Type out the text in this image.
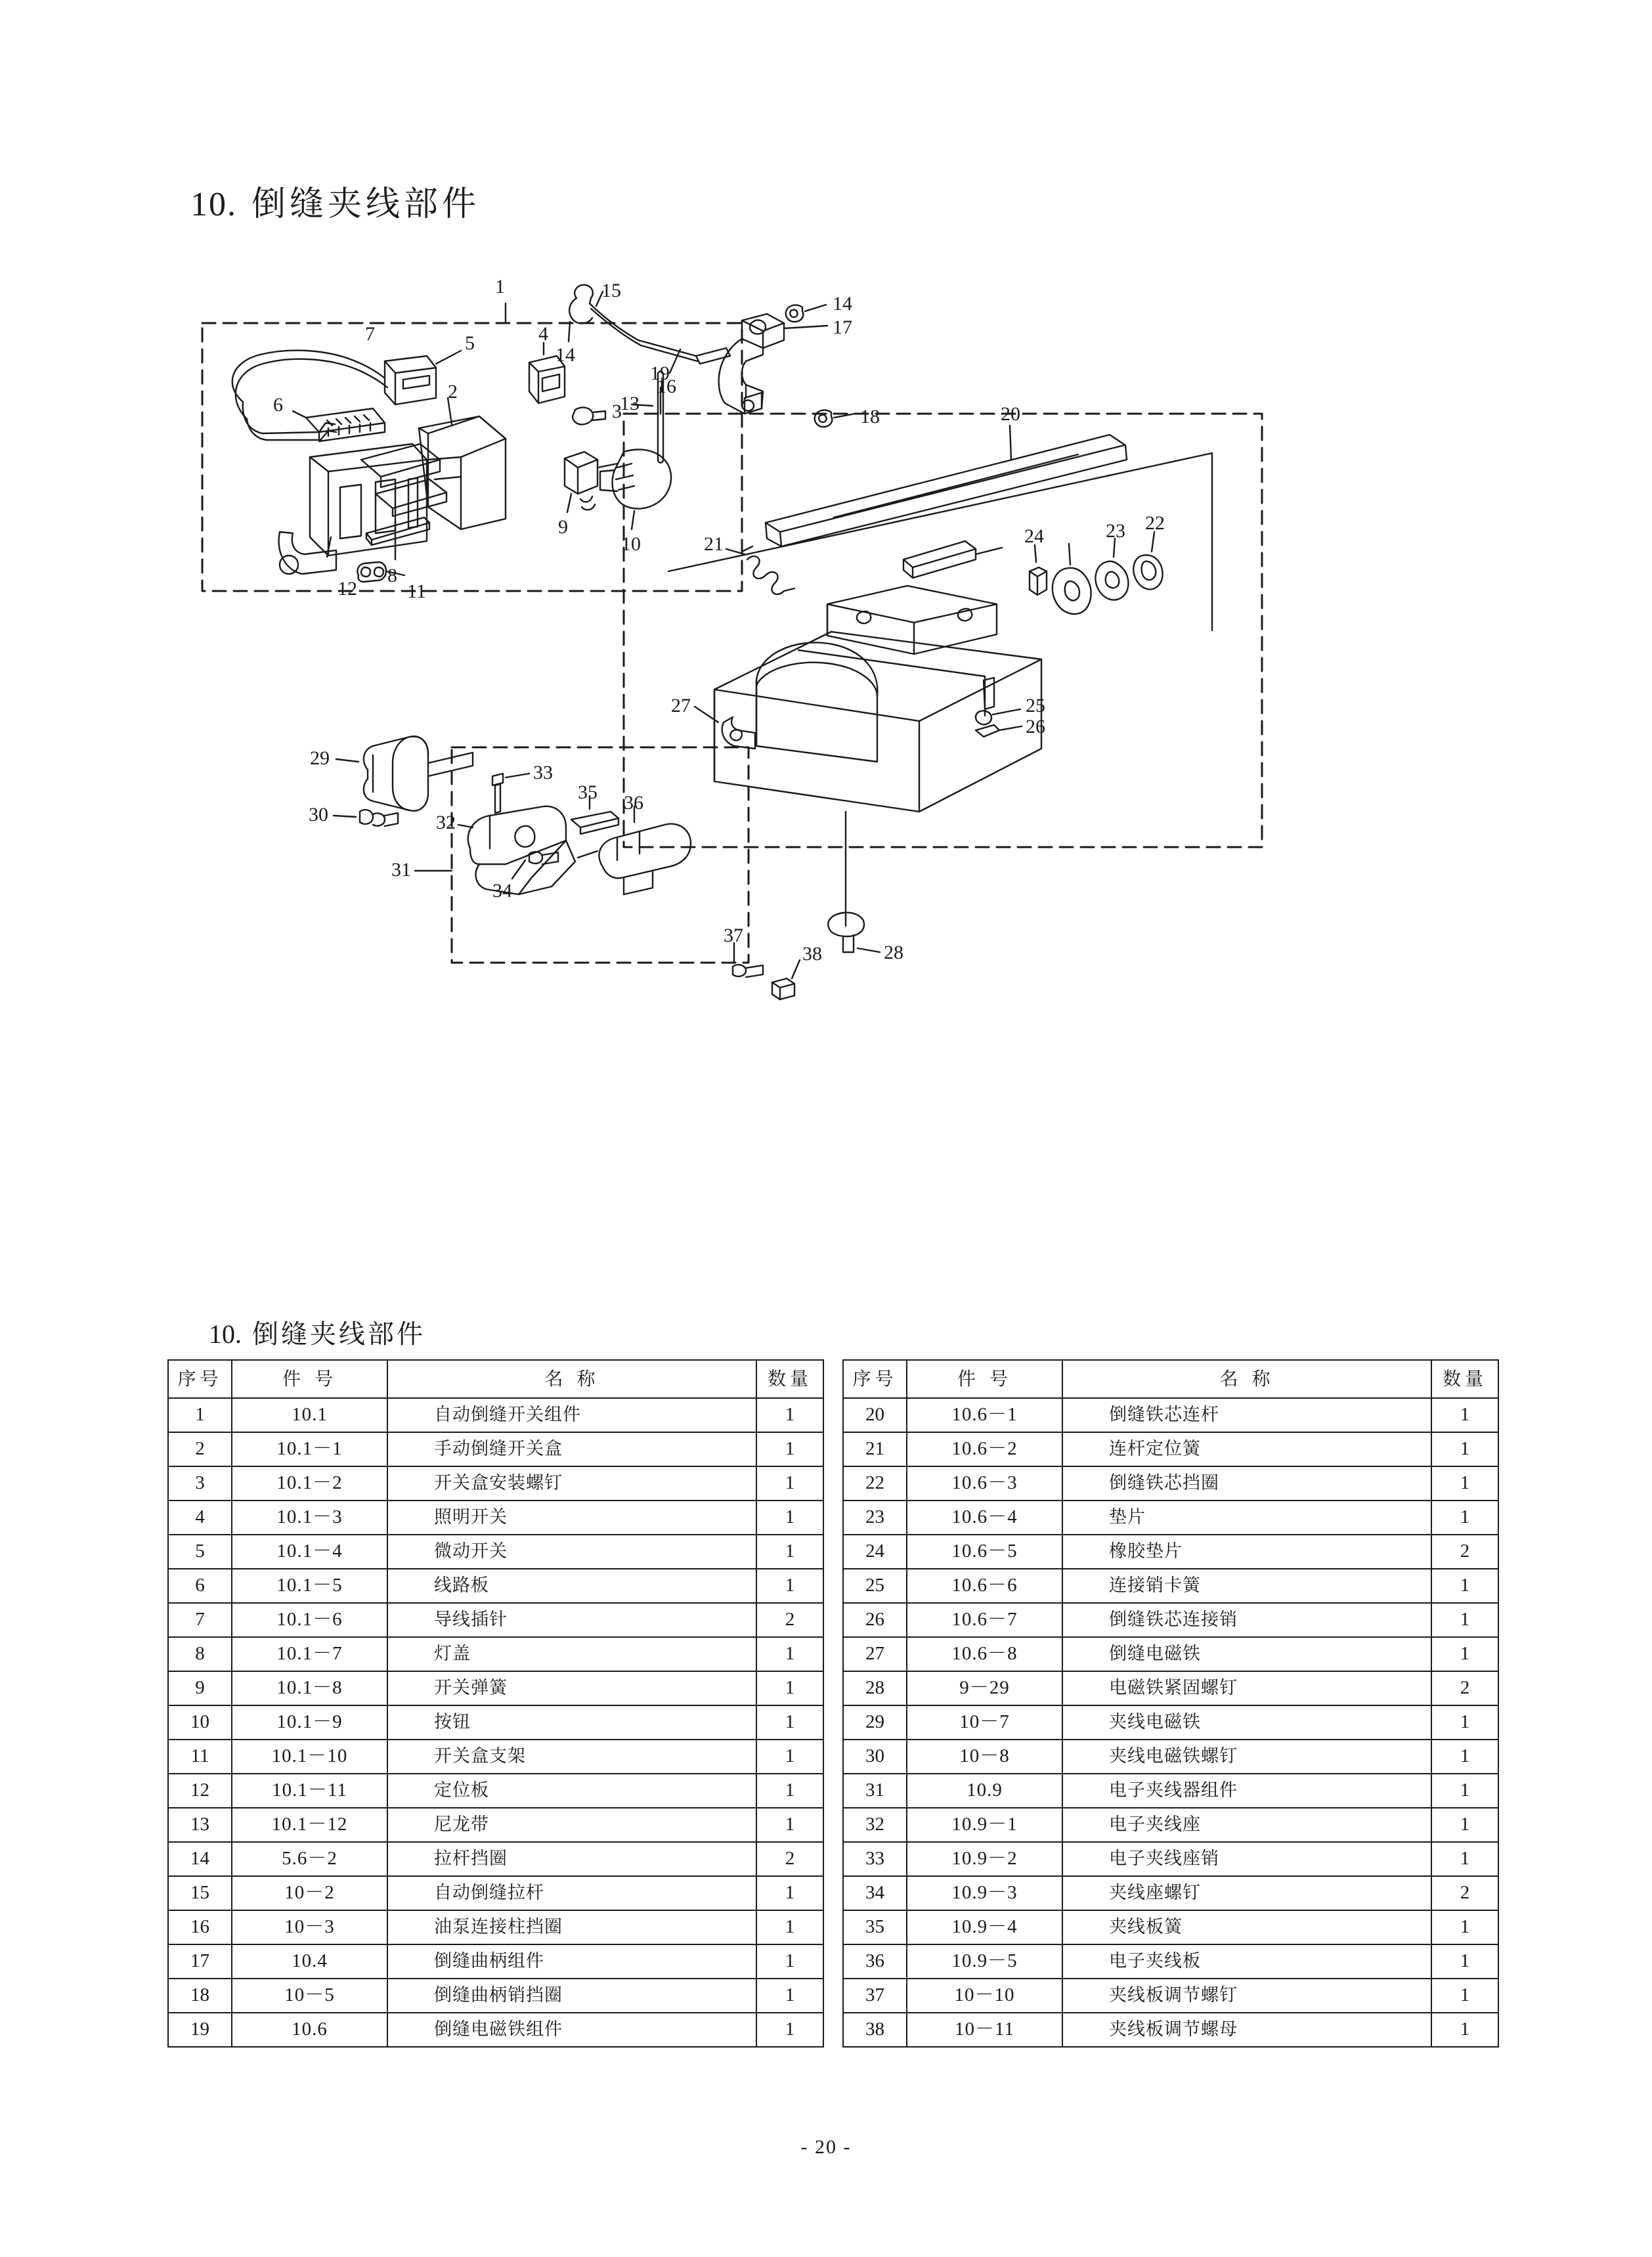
10. 倒缝夹线部件
1
2
3
4
5
6
7
8
9
10
11
12
13
14
14
15
16
17
18
19
20
21
22
23
24
25
26
27
28
29
30
31
32
33
34
35 36
37
38
10. 倒缝夹线部件
序号	件 号	名 称	数量
1	10.1	自动倒缝开关组件	1
2	10.1－1	手动倒缝开关盒	1
3	10.1－2	开关盒安装螺钉	1
4	10.1－3	照明开关	1
5	10.1－4	微动开关	1
6	10.1－5	线路板	1
7	10.1－6	导线插针	2
8	10.1－7	灯盖	1
9	10.1－8	开关弹簧	1
10	10.1－9	按钮	1
11	10.1－10	开关盒支架	1
12	10.1－11	定位板	1
13	10.1－12	尼龙带	1
14	5.6－2	拉杆挡圈	2
15	10－2	自动倒缝拉杆	1
16	10－3	油泵连接柱挡圈	1
17	10.4	倒缝曲柄组件	1
18	10－5	倒缝曲柄销挡圈	1
19	10.6	倒缝电磁铁组件	1
序号	件 号	名 称	数量
20	10.6－1	倒缝铁芯连杆	1
21	10.6－2	连杆定位簧	1
22	10.6－3	倒缝铁芯挡圈	1
23	10.6－4	垫片	1
24	10.6－5	橡胶垫片	2
25	10.6－6	连接销卡簧	1
26	10.6－7	倒缝铁芯连接销	1
27	10.6－8	倒缝电磁铁	1
28	9－29	电磁铁紧固螺钉	2
29	10－7	夹线电磁铁	1
30	10－8	夹线电磁铁螺钉	1
31	10.9	电子夹线器组件	1
32	10.9－1	电子夹线座	1
33	10.9－2	电子夹线座销	1
34	10.9－3	夹线座螺钉	2
35	10.9－4	夹线板簧	1
36	10.9－5	电子夹线板	1
37	10－10	夹线板调节螺钉	1
38	10－11	夹线板调节螺母	1
- 20 -
